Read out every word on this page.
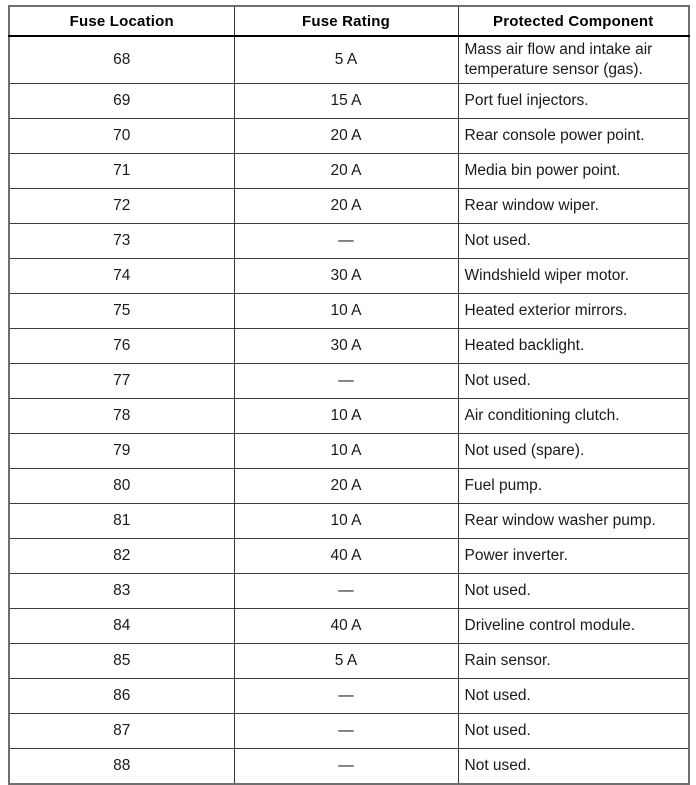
Fuse Location	Fuse Rating	Protected Component
68	5 A	Mass air flow and intake air temperature sensor (gas).
69	15 A	Port fuel injectors.
70	20 A	Rear console power point.
71	20 A	Media bin power point.
72	20 A	Rear window wiper.
73	—	Not used.
74	30 A	Windshield wiper motor.
75	10 A	Heated exterior mirrors.
76	30 A	Heated backlight.
77	—	Not used.
78	10 A	Air conditioning clutch.
79	10 A	Not used (spare).
80	20 A	Fuel pump.
81	10 A	Rear window washer pump.
82	40 A	Power inverter.
83	—	Not used.
84	40 A	Driveline control module.
85	5 A	Rain sensor.
86	—	Not used.
87	—	Not used.
88	—	Not used.
